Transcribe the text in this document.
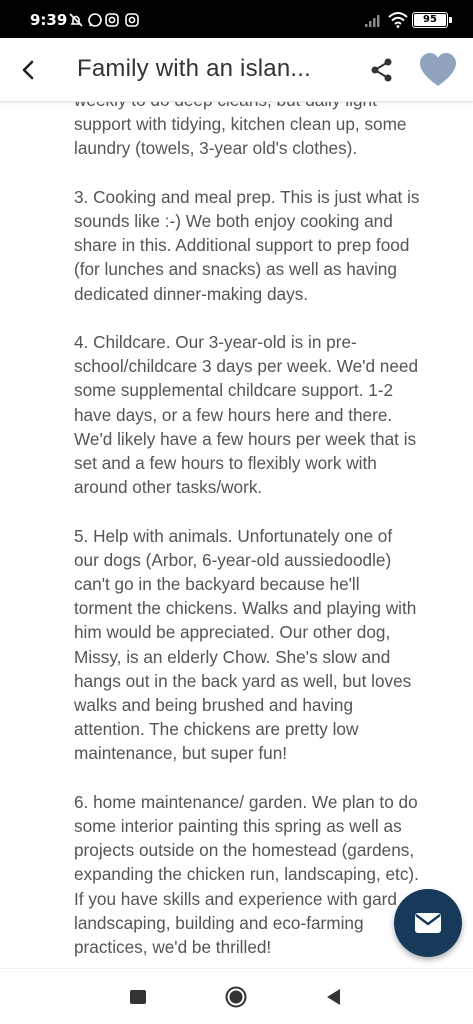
9:39	95
Family with an islan...
support with tidying, kitchen clean up, some
laundry (towels, 3-year old's clothes).
3. Cooking and meal prep. This is just what is
sounds like :-) We both enjoy cooking and
share in this. Additional support to prep food
(for lunches and snacks) as well as having
dedicated dinner-making days.
4. Childcare. Our 3-year-old is in pre-
school/childcare 3 days per week. We'd need
some supplemental childcare support. 1-2
have days, or a few hours here and there.
We'd likely have a few hours per week that is
set and a few hours to flexibly work with
around other tasks/work.
5. Help with animals. Unfortunately one of
our dogs (Arbor, 6-year-old aussiedoodle)
can't go in the backyard because he'll
torment the chickens. Walks and playing with
him would be appreciated. Our other dog,
Missy, is an elderly Chow. She's slow and
hangs out in the back yard as well, but loves
walks and being brushed and having
attention. The chickens are pretty low
maintenance, but super fun!
6. home maintenance/ garden. We plan to do
some interior painting this spring as well as
projects outside on the homestead (gardens,
expanding the chicken run, landscaping, etc).
If you have skills and experience with gard
landscaping, building and eco-farming
practices, we'd be thrilled!
